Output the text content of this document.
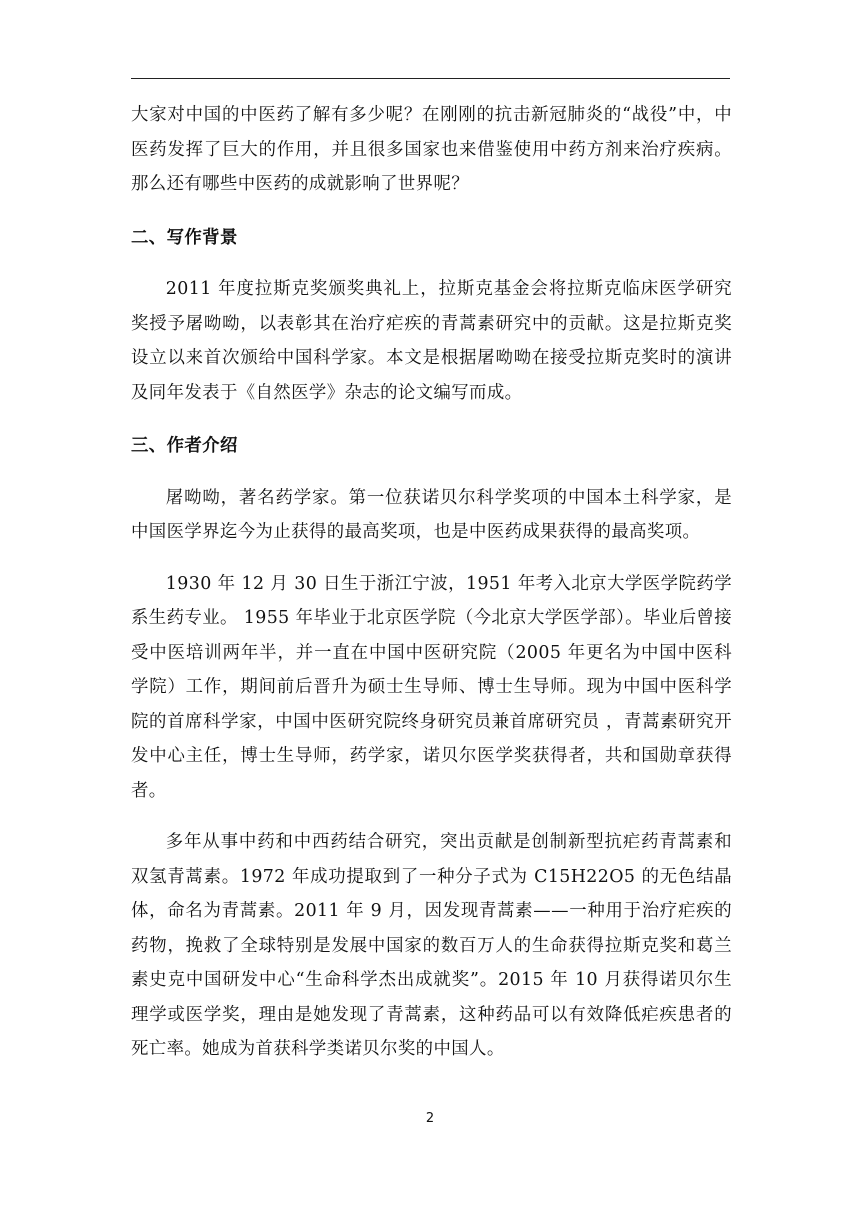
大家对中国的中医药了解有多少呢？在刚刚的抗击新冠肺炎的“战役”中，中医药发挥了巨大的作用，并且很多国家也来借鉴使用中药方剂来治疗疾病。那么还有哪些中医药的成就影响了世界呢？

二、写作背景

2011 年度拉斯克奖颁奖典礼上，拉斯克基金会将拉斯克临床医学研究奖授予屠呦呦，以表彰其在治疗疟疾的青蒿素研究中的贡献。这是拉斯克奖设立以来首次颁给中国科学家。本文是根据屠呦呦在接受拉斯克奖时的演讲及同年发表于《自然医学》杂志的论文编写而成。

三、作者介绍

屠呦呦，著名药学家。第一位获诺贝尔科学奖项的中国本土科学家，是中国医学界迄今为止获得的最高奖项，也是中医药成果获得的最高奖项。

1930 年 12 月 30 日生于浙江宁波，1951 年考入北京大学医学院药学系生药专业。 1955 年毕业于北京医学院（今北京大学医学部）。毕业后曾接受中医培训两年半，并一直在中国中医研究院（2005 年更名为中国中医科学院）工作，期间前后晋升为硕士生导师、博士生导师。现为中国中医科学院的首席科学家，中国中医研究院终身研究员兼首席研究员 ，青蒿素研究开发中心主任，博士生导师，药学家，诺贝尔医学奖获得者，共和国勋章获得者。

多年从事中药和中西药结合研究，突出贡献是创制新型抗疟药青蒿素和双氢青蒿素。1972 年成功提取到了一种分子式为 C15H22O5 的无色结晶体，命名为青蒿素。2011 年 9 月，因发现青蒿素——一种用于治疗疟疾的药物，挽救了全球特别是发展中国家的数百万人的生命获得拉斯克奖和葛兰素史克中国研发中心“生命科学杰出成就奖”。2015 年 10 月获得诺贝尔生理学或医学奖，理由是她发现了青蒿素，这种药品可以有效降低疟疾患者的死亡率。她成为首获科学类诺贝尔奖的中国人。

2
